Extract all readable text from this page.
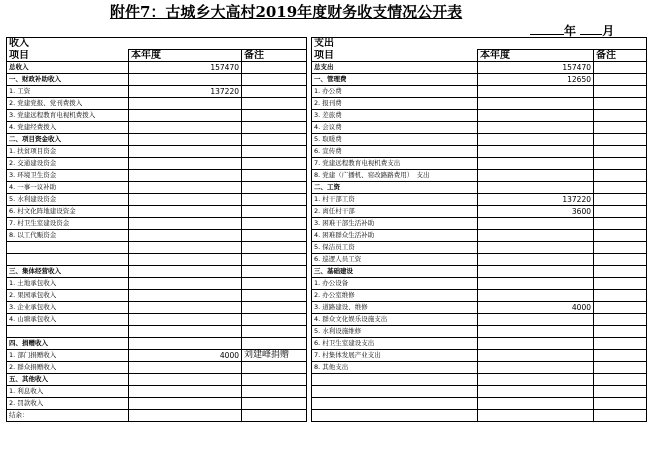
附件7：古城乡大高村2019年度财务收支情况公开表
年 月
收入				支出		
项目	本年度	备注		项目	本年度	备注
总收入	157470			总支出	157470	
一、财政补助收入				一、管理费	12650	
1. 工资	137220			1. 办公费		
2. 党建党报、党刊费拨入				2. 报刊费		
3. 党建远程教育电视机费拨入				3. 差旅费		
4. 党建经费拨入				4. 会议费		
二、项目资金收入				5. 取暖费		
1. 扶贫项目资金				6. 宣传费		
2. 交通建设资金				7. 党建远程教育电视机费支出		
3. 环境卫生资金				8. 党建（广播机、窑改路路费用）　支出		
4. 一事一议补助				二、工资		
5. 水利建设资金				1. 村干部工资	137220	
6. 村文化阵地建设资金				2. 离任村干部	3600	
7. 村卫生室建设资金				3. 困难干部生活补助		
8. 以工代赈资金				4. 困难群众生活补助		
				5. 保洁员工资		
				6. 巡逻人员工资		
三、集体经营收入				三、基础建设		
1. 土地承包收入				1. 办公设备		
2. 果园承包收入				2. 办公室维修		
3. 企业承包收入				3. 道路建设、维修	4000	
4. 山塘承包收入				4. 群众文化娱乐设施支出		
				5. 水利设施维修		
四、捐赠收入				6. 村卫生室建设支出		
1. 部门捐赠收入	4000	刘建峰捐赠		7. 村集体发展产业支出		
2. 群众捐赠收入				8. 其他支出		
五、其他收入						
1. 利息收入						
2. 罚款收入						
结余：						
